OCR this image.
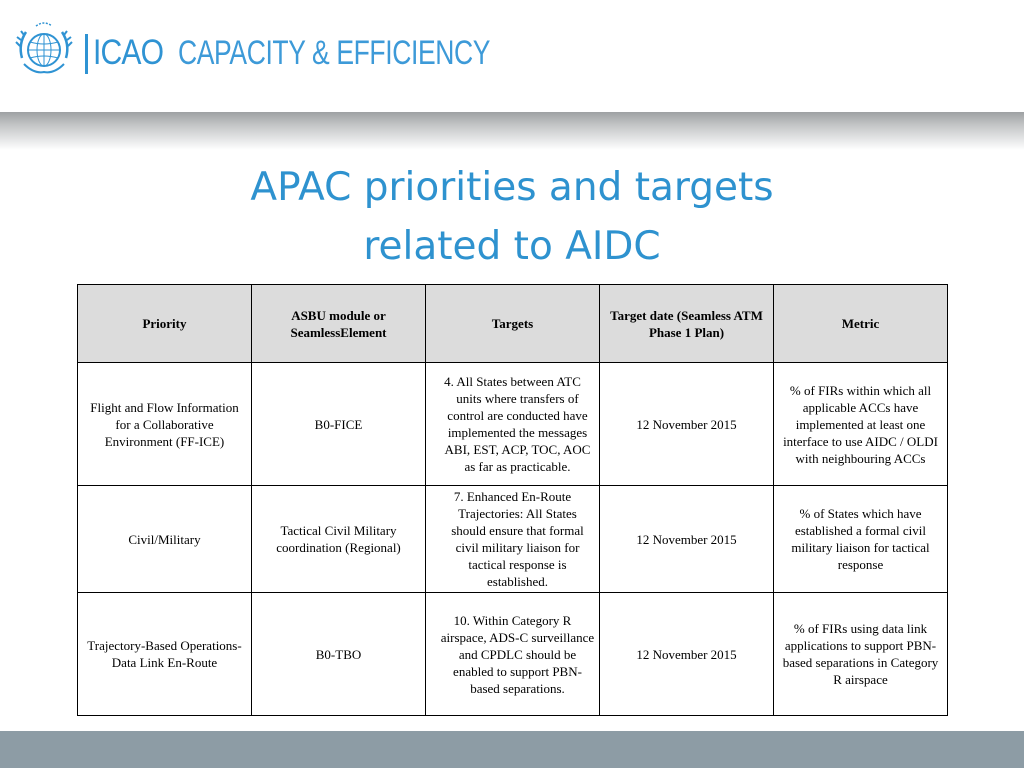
ICAO CAPACITY & EFFICIENCY
APAC priorities and targets
related to AIDC
Priority	ASBU module or SeamlessElement	Targets	Target date (Seamless ATM Phase 1 Plan)	Metric
Flight and Flow Information for a Collaborative Environment (FF-ICE)	B0-FICE	4. All States between ATC units where transfers of control are conducted have implemented the messages ABI, EST, ACP, TOC, AOC as far as practicable.	12 November 2015	% of FIRs within which all applicable ACCs have implemented at least one interface to use AIDC / OLDI with neighbouring ACCs
Civil/Military	Tactical Civil Military coordination (Regional)	7. Enhanced En-Route Trajectories: All States should ensure that formal civil military liaison for tactical response is established.	12 November 2015	% of States which have established a formal civil military liaison for tactical response
Trajectory-Based Operations-Data Link En-Route	B0-TBO	10. Within Category R airspace, ADS-C surveillance and CPDLC should be enabled to support PBN-based separations.	12 November 2015	% of FIRs using data link applications to support PBN-based separations in Category R airspace
